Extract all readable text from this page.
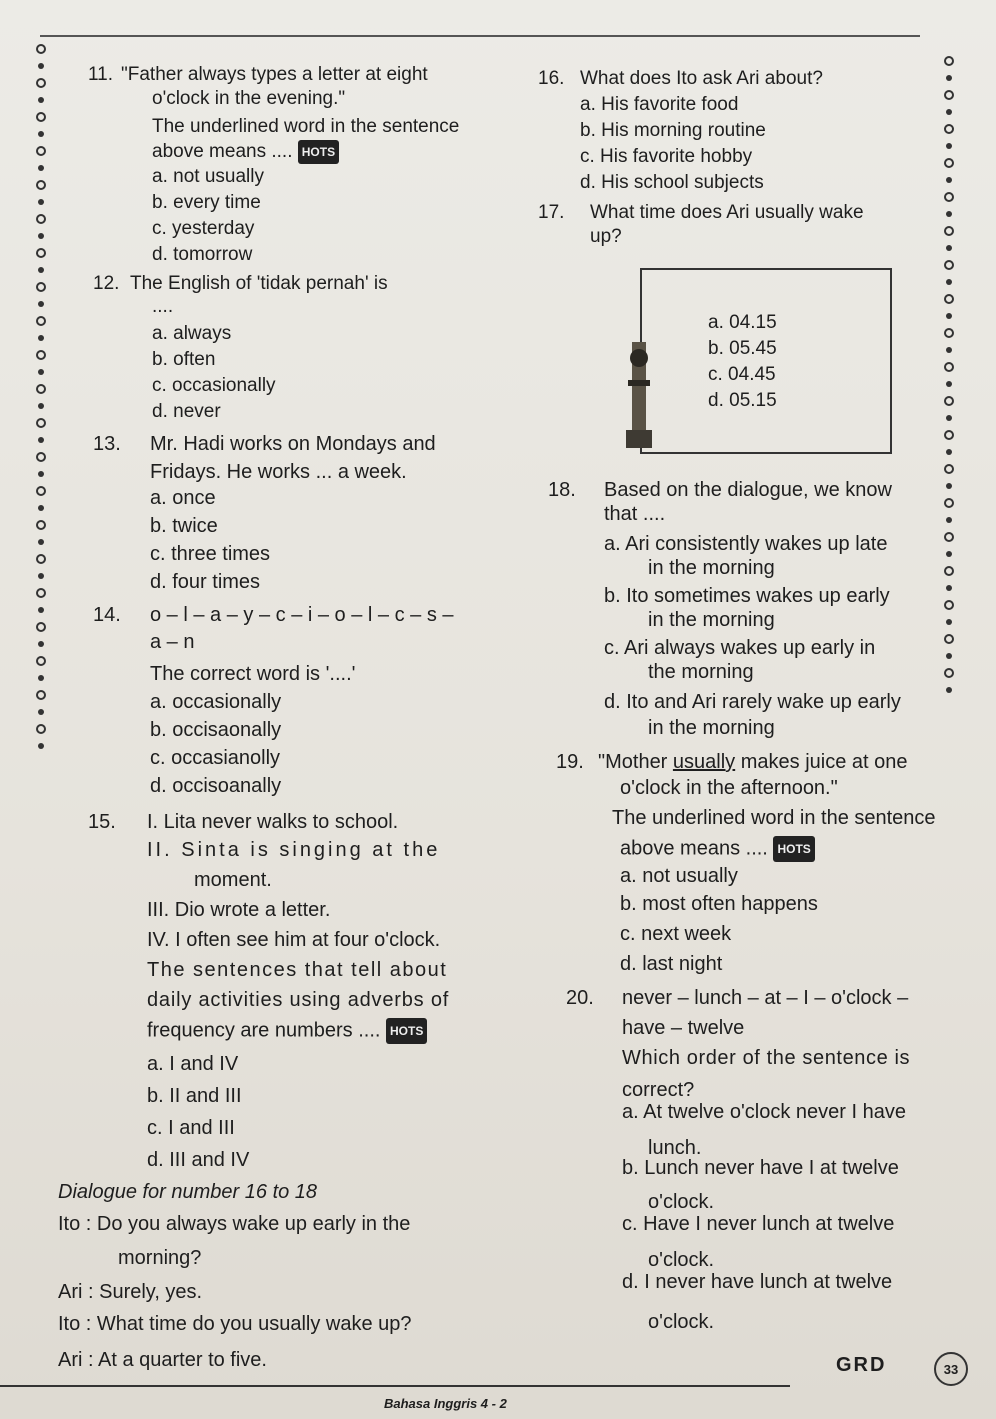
11. "Father always types a letter at eight
o'clock in the evening."
The underlined word in the sentence
above means .... HOTS
a. not usually
b. every time
c. yesterday
d. tomorrow
12. The English of 'tidak pernah' is
....
a. always
b. often
c. occasionally
d. never
13. Mr. Hadi works on Mondays and
Fridays. He works ... a week.
a. once
b. twice
c. three times
d. four times
14. o – l – a – y – c – i – o – l – c – s –
a – n
The correct word is '....'
a. occasionally
b. occisaonally
c. occasianolly
d. occisoanally
15. I. Lita never walks to school.
II. Sinta is singing at the
moment.
III. Dio wrote a letter.
IV. I often see him at four o'clock.
The sentences that tell about
daily activities using adverbs of
frequency are numbers .... HOTS
a. I and IV
b. II and III
c. I and III
d. III and IV
Dialogue for number 16 to 18
Ito : Do you always wake up early in the
morning?
Ari : Surely, yes.
Ito : What time do you usually wake up?
Ari : At a quarter to five.
16. What does Ito ask Ari about?
a. His favorite food
b. His morning routine
c. His favorite hobby
d. His school subjects
17. What time does Ari usually wake
up?
a. 04.15
b. 05.45
c. 04.45
d. 05.15
18. Based on the dialogue, we know
that ....
a. Ari consistently wakes up late
in the morning
b. Ito sometimes wakes up early
in the morning
c. Ari always wakes up early in
the morning
d. Ito and Ari rarely wake up early
in the morning
19. "Mother usually makes juice at one
o'clock in the afternoon."
The underlined word in the sentence
above means .... HOTS
a. not usually
b. most often happens
c. next week
d. last night
20. never – lunch – at – I – o'clock –
have – twelve
Which order of the sentence is
correct?
a. At twelve o'clock never I have
lunch.
b. Lunch never have I at twelve
o'clock.
c. Have I never lunch at twelve
o'clock.
d. I never have lunch at twelve
o'clock.
Bahasa Inggris 4 - 2
GRD	33
